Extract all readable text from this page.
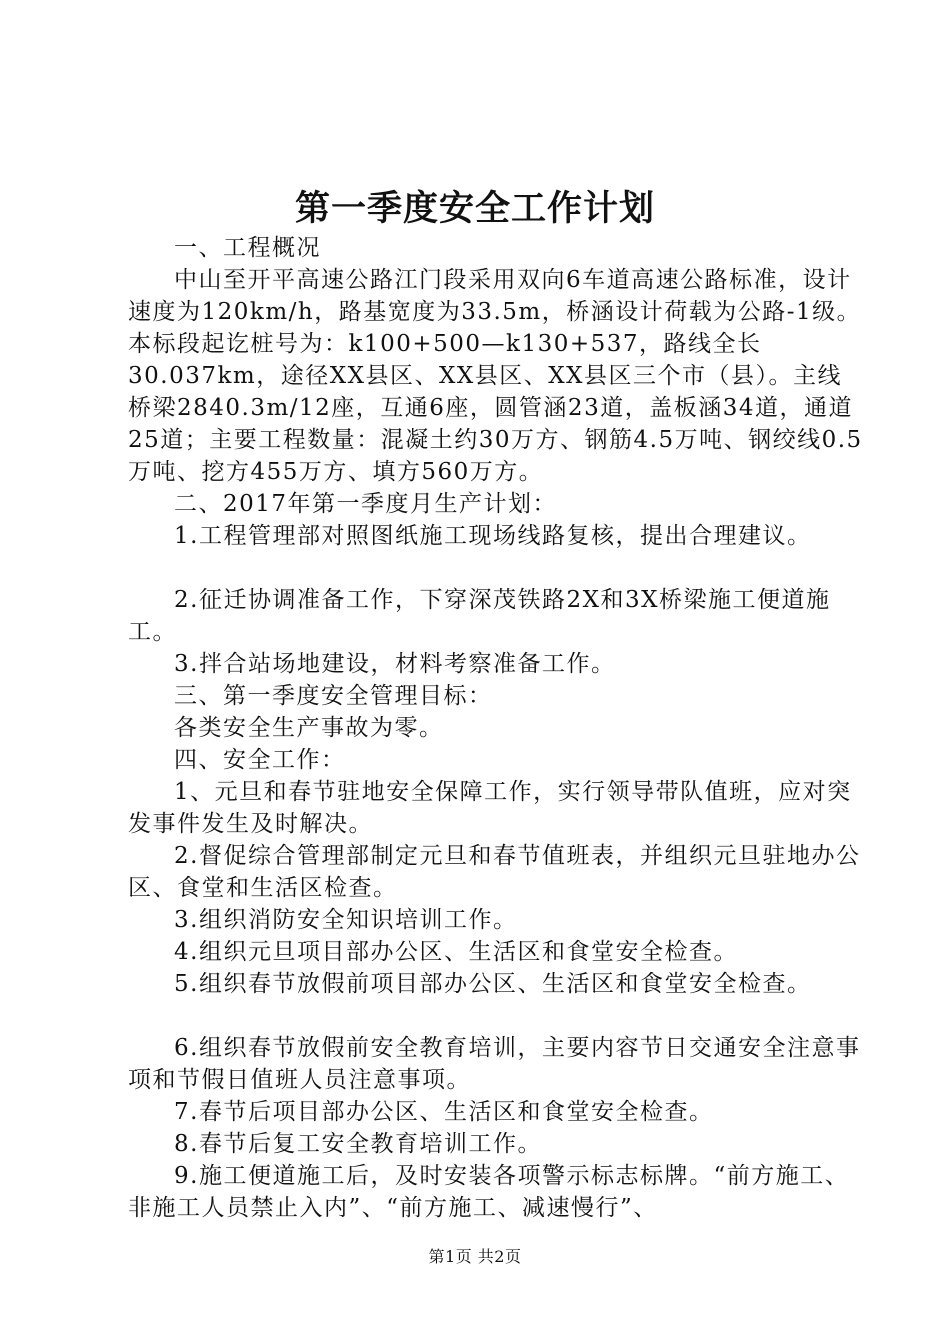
第一季度安全工作计划

一、工程概况

中山至开平高速公路江门段采用双向6车道高速公路标准，设计速度为120km/h，路基宽度为33.5m，桥涵设计荷载为公路-1级。本标段起讫桩号为：k100+500—k130+537，路线全长30.037km，途径XX县区、XX县区、XX县区三个市（县）。主线桥梁2840.3m/12座，互通6座，圆管涵23道，盖板涵34道，通道25道；主要工程数量：混凝土约30万方、钢筋4.5万吨、钢绞线0.5万吨、挖方455万方、填方560万方。

二、2017年第一季度月生产计划：

1.工程管理部对照图纸施工现场线路复核，提出合理建议。

2.征迁协调准备工作，下穿深茂铁路2X和3X桥梁施工便道施工。

3.拌合站场地建设，材料考察准备工作。

三、第一季度安全管理目标：

各类安全生产事故为零。

四、安全工作：

1、元旦和春节驻地安全保障工作，实行领导带队值班，应对突发事件发生及时解决。

2.督促综合管理部制定元旦和春节值班表，并组织元旦驻地办公区、食堂和生活区检查。

3.组织消防安全知识培训工作。

4.组织元旦项目部办公区、生活区和食堂安全检查。

5.组织春节放假前项目部办公区、生活区和食堂安全检查。

6.组织春节放假前安全教育培训，主要内容节日交通安全注意事项和节假日值班人员注意事项。

7.春节后项目部办公区、生活区和食堂安全检查。

8.春节后复工安全教育培训工作。

9.施工便道施工后，及时安装各项警示标志标牌。“前方施工、非施工人员禁止入内”、“前方施工、减速慢行”、

第1页 共2页
